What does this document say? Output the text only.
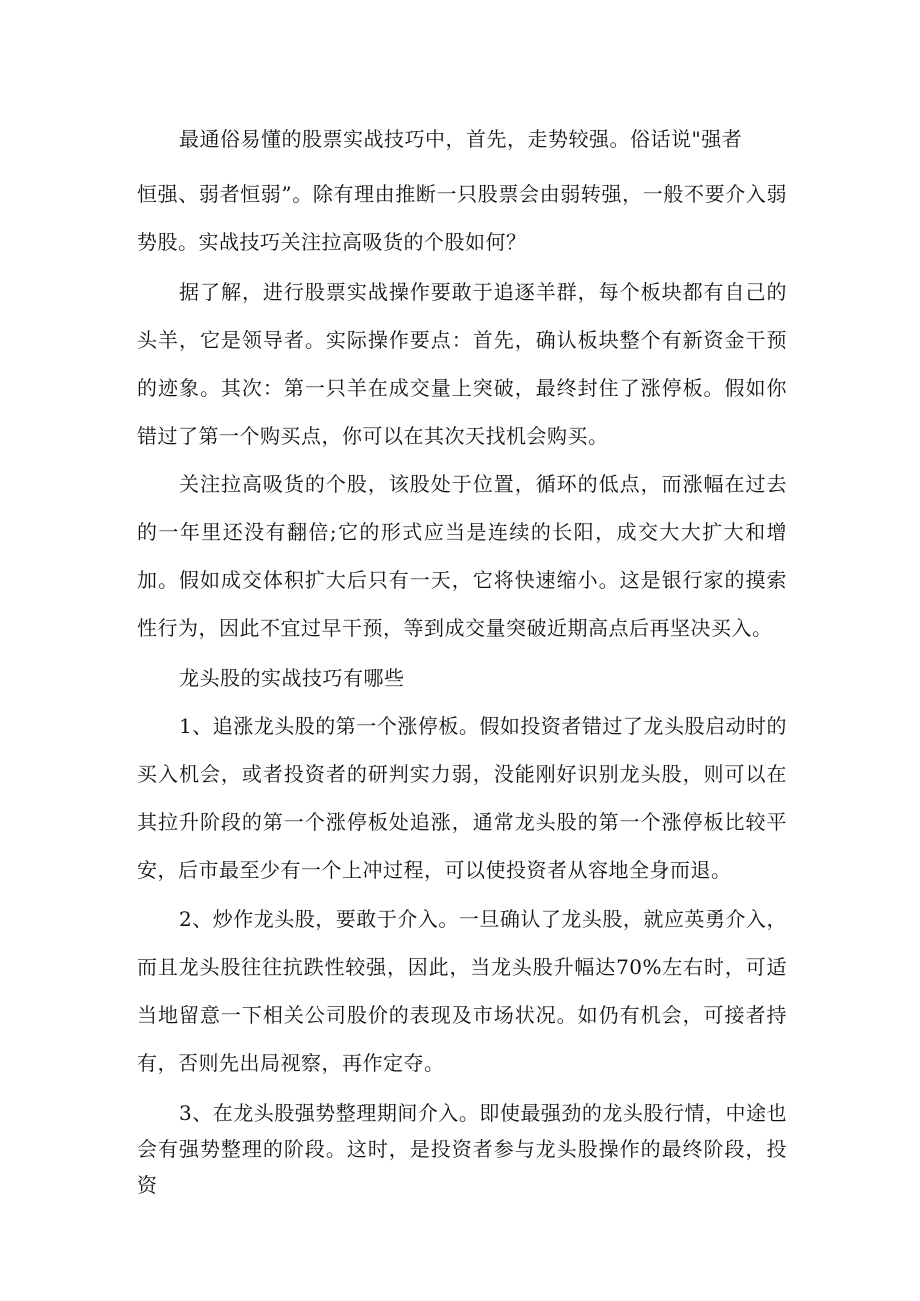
最通俗易懂的股票实战技巧中，首先，走势较强。俗话说"强者

恒强、弱者恒弱”。除有理由推断一只股票会由弱转强，一般不要介入弱势股。实战技巧关注拉高吸货的个股如何？

据了解，进行股票实战操作要敢于追逐羊群，每个板块都有自己的头羊，它是领导者。实际操作要点：首先，确认板块整个有新资金干预的迹象。其次：第一只羊在成交量上突破，最终封住了涨停板。假如你错过了第一个购买点，你可以在其次天找机会购买。

关注拉高吸货的个股，该股处于位置，循环的低点，而涨幅在过去的一年里还没有翻倍;它的形式应当是连续的长阳，成交大大扩大和增加。假如成交体积扩大后只有一天，它将快速缩小。这是银行家的摸索性行为，因此不宜过早干预，等到成交量突破近期高点后再坚决买入。

龙头股的实战技巧有哪些

1、追涨龙头股的第一个涨停板。假如投资者错过了龙头股启动时的买入机会，或者投资者的研判实力弱，没能刚好识别龙头股，则可以在其拉升阶段的第一个涨停板处追涨，通常龙头股的第一个涨停板比较平安，后市最至少有一个上冲过程，可以使投资者从容地全身而退。

2、炒作龙头股，要敢于介入。一旦确认了龙头股，就应英勇介入，而且龙头股往往抗跌性较强，因此，当龙头股升幅达70%左右时，可适当地留意一下相关公司股价的表现及市场状况。如仍有机会，可接者持有，否则先出局视察，再作定夺。

3、在龙头股强势整理期间介入。即使最强劲的龙头股行情，中途也会有强势整理的阶段。这时，是投资者参与龙头股操作的最终阶段，投资
